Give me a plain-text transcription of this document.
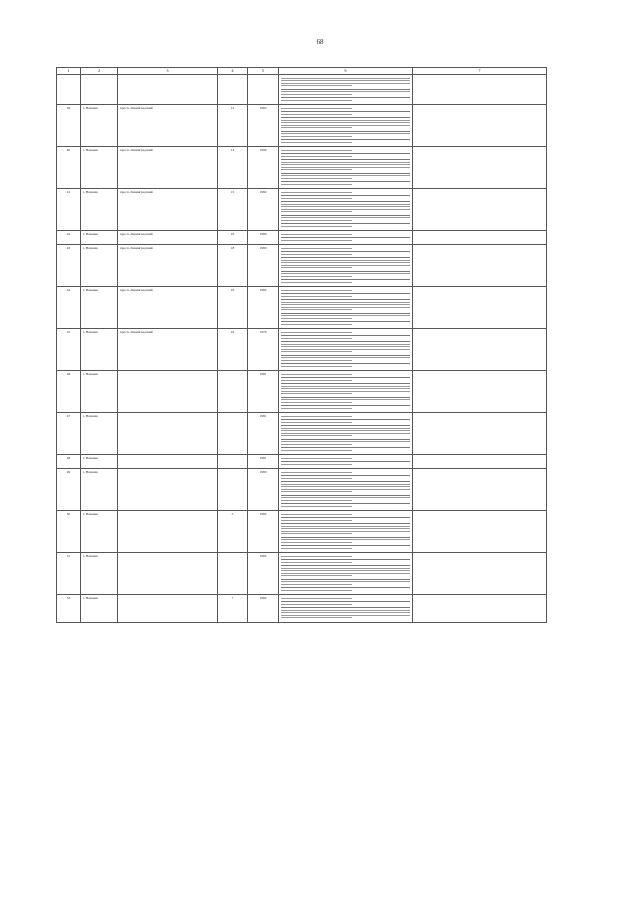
68
1	2	3	4	5	6	7

39	г. Нальчик	просп. Ленинградский	12	1983	

40	г. Нальчик	просп. Ленинградский	14	1990	

41	г. Нальчик	просп. Ленинградский	15	1982	

42	г. Нальчик	просп. Ленинградский	16	1980	

43	г. Нальчик	просп. Ленинградский	18	1980	

44	г. Нальчик	просп. Ленинградский	16	1982	

45	г. Нальчик	просп. Ленинградский	24	1979	

46	г. Нальчик			1981	

47	г. Нальчик			1981	

48	г. Нальчик			1981	

49	г. Нальчик			1980	

50	г. Нальчик		5	1982	

51	г. Нальчик			1982	

52	г. Нальчик		7	1982	
